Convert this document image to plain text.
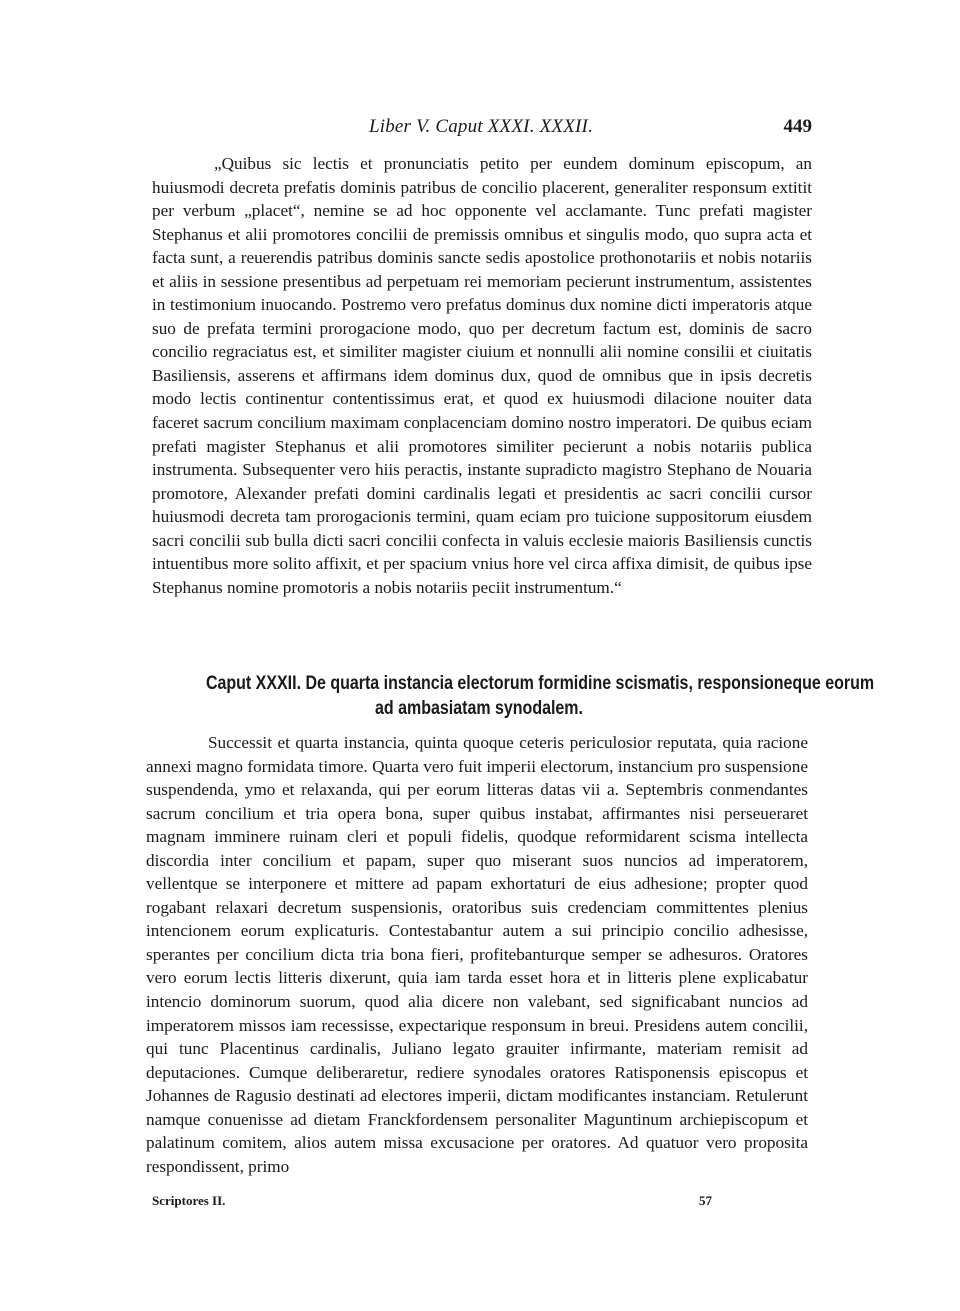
Liber V. Caput XXXI. XXXII.	449

„Quibus sic lectis et pronunciatis petito per eundem dominum episcopum, an huiusmodi decreta prefatis dominis patribus de concilio placerent, generaliter responsum extitit per verbum „placet“, nemine se ad hoc opponente vel acclamante. Tunc prefati magister Stephanus et alii promotores concilii de premissis omnibus et singulis modo, quo supra acta et facta sunt, a reuerendis patribus dominis sancte sedis apostolice prothonotariis et nobis notariis et aliis in sessione presentibus ad perpetuam rei memoriam pecierunt instrumentum, assistentes in testimonium inuocando. Postremo vero prefatus dominus dux nomine dicti imperatoris atque suo de prefata termini prorogacione modo, quo per decretum factum est, dominis de sacro concilio regraciatus est, et similiter magister ciuium et nonnulli alii nomine consilii et ciuitatis Basiliensis, asserens et affirmans idem dominus dux, quod de omnibus que in ipsis decretis modo lectis continentur contentissimus erat, et quod ex huiusmodi dilacione nouiter data faceret sacrum concilium maximam conplacenciam domino nostro imperatori. De quibus eciam prefati magister Stephanus et alii promotores similiter pecierunt a nobis notariis publica instrumenta. Subsequenter vero hiis peractis, instante supradicto magistro Stephano de Nouaria promotore, Alexander prefati domini cardinalis legati et presidentis ac sacri concilii cursor huiusmodi decreta tam prorogacionis termini, quam eciam pro tuicione suppositorum eiusdem sacri concilii sub bulla dicti sacri concilii confecta in valuis ecclesie maioris Basiliensis cunctis intuentibus more solito affixit, et per spacium vnius hore vel circa affixa dimisit, de quibus ipse Stephanus nomine promotoris a nobis notariis peciit instrumentum.“

Caput XXXII. De quarta instancia electorum formidine scismatis, responsioneque eorum
ad ambasiatam synodalem.

Successit et quarta instancia, quinta quoque ceteris periculosior reputata, quia racione annexi magno formidata timore. Quarta vero fuit imperii electorum, instancium pro suspensione suspendenda, ymo et relaxanda, qui per eorum litteras datas vii a. Septembris conmendantes sacrum concilium et tria opera bona, super quibus instabat, affirmantes nisi perseueraret magnam imminere ruinam cleri et populi fidelis, quodque reformidarent scisma intellecta discordia inter concilium et papam, super quo miserant suos nuncios ad imperatorem, vellentque se interponere et mittere ad papam exhortaturi de eius adhesione; propter quod rogabant relaxari decretum suspensionis, oratoribus suis credenciam committentes plenius intencionem eorum explicaturis. Contestabantur autem a sui principio concilio adhesisse, sperantes per concilium dicta tria bona fieri, profitebanturque semper se adhesuros. Oratores vero eorum lectis litteris dixerunt, quia iam tarda esset hora et in litteris plene explicabatur intencio dominorum suorum, quod alia dicere non valebant, sed significabant nuncios ad imperatorem missos iam recessisse, expectarique responsum in breui. Presidens autem concilii, qui tunc Placentinus cardinalis, Juliano legato grauiter infirmante, materiam remisit ad deputaciones. Cumque deliberaretur, rediere synodales oratores Ratisponensis episcopus et Johannes de Ragusio destinati ad electores imperii, dictam modificantes instanciam. Retulerunt namque conuenisse ad dietam Franckfordensem personaliter Maguntinum archiepiscopum et palatinum comitem, alios autem missa excusacione per oratores. Ad quatuor vero proposita respondissent, primo

Scriptores II.	57
